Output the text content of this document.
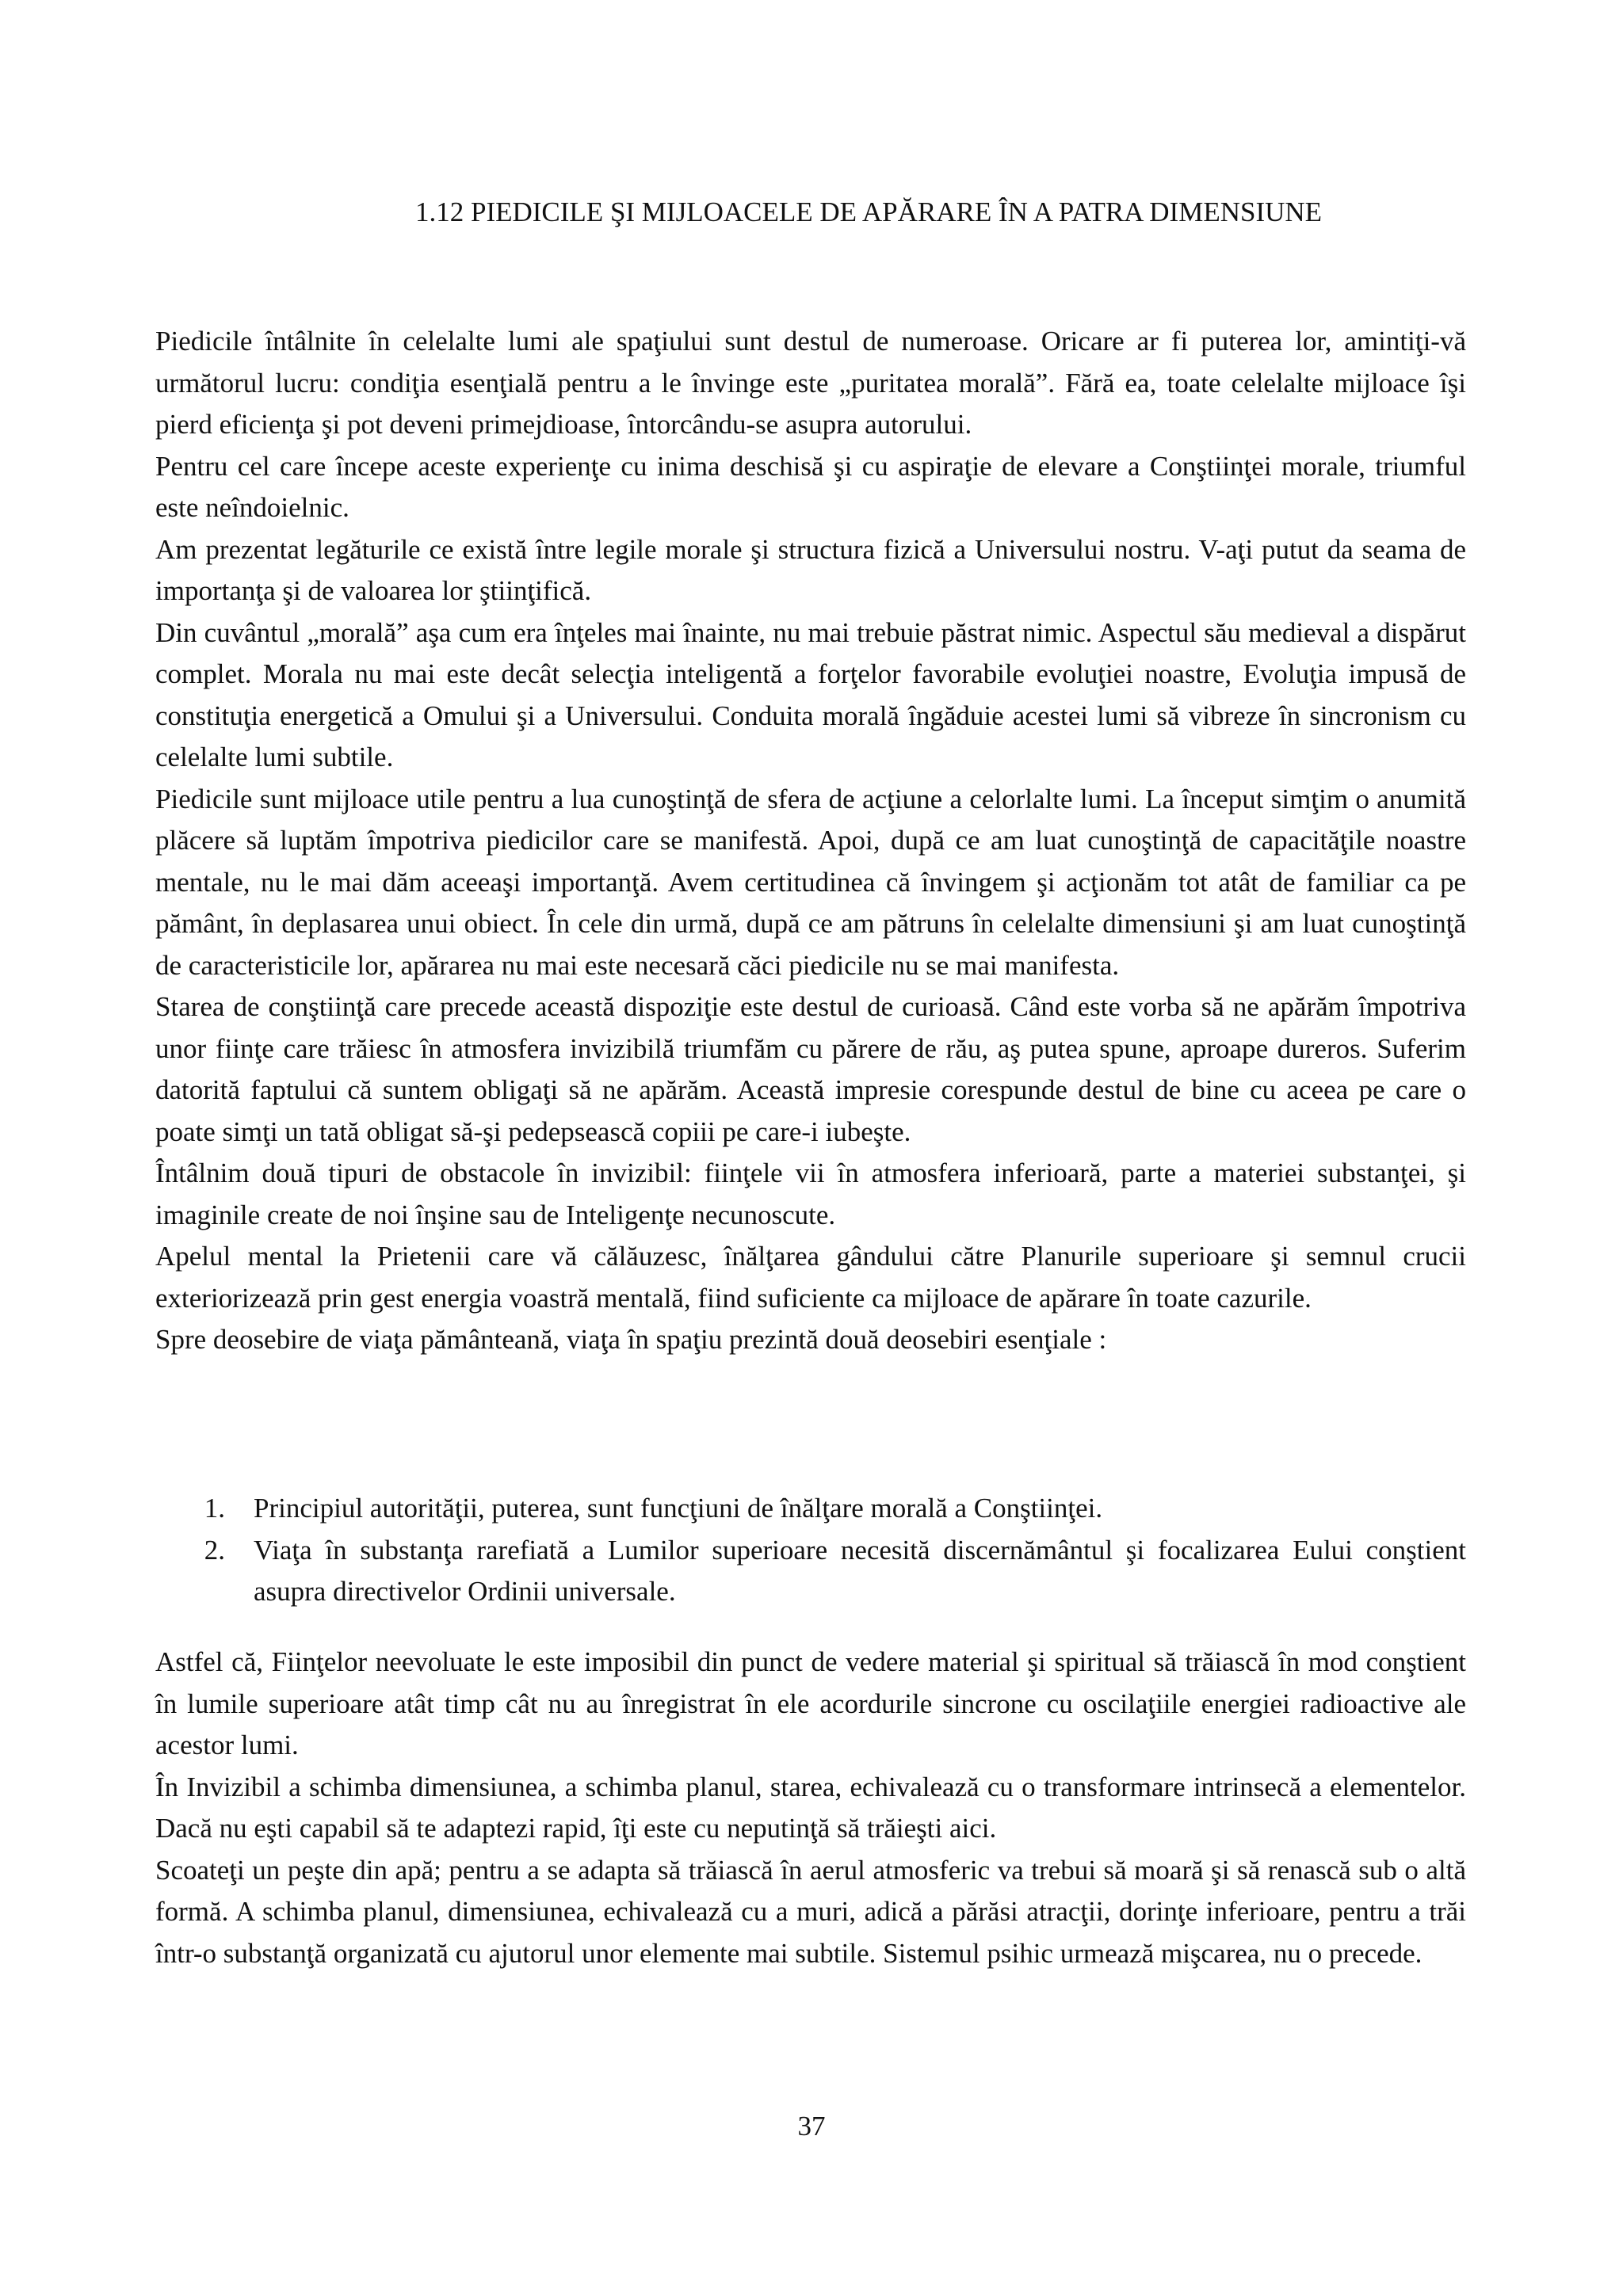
1.12 PIEDICILE ŞI MIJLOACELE DE APĂRARE ÎN A PATRA DIMENSIUNE

Piedicile întâlnite în celelalte lumi ale spaţiului sunt destul de numeroase. Oricare ar fi puterea lor, amintiţi-vă următorul lucru: condiţia esenţială pentru a le învinge este „puritatea morală”. Fără ea, toate celelalte mijloace îşi pierd eficienţa şi pot deveni primejdioase, întorcându-se asupra autorului.

Pentru cel care începe aceste experienţe cu inima deschisă şi cu aspiraţie de elevare a Conştiinţei morale, triumful este neîndoielnic.

Am prezentat legăturile ce există între legile morale şi structura fizică a Universului nostru. V-aţi putut da seama de importanţa şi de valoarea lor ştiinţifică.

Din cuvântul „morală” aşa cum era înţeles mai înainte, nu mai trebuie păstrat nimic. Aspectul său medieval a dispărut complet. Morala nu mai este decât selecţia inteligentă a forţelor favorabile evoluţiei noastre, Evoluţia impusă de constituţia energetică a Omului şi a Universului. Conduita morală îngăduie acestei lumi să vibreze în sincronism cu celelalte lumi subtile.

Piedicile sunt mijloace utile pentru a lua cunoştinţă de sfera de acţiune a celorlalte lumi. La început simţim o anumită plăcere să luptăm împotriva piedicilor care se manifestă. Apoi, după ce am luat cunoştinţă de capacităţile noastre mentale, nu le mai dăm aceeaşi importanţă. Avem certitudinea că învingem şi acţionăm tot atât de familiar ca pe pământ, în deplasarea unui obiect. În cele din urmă, după ce am pătruns în celelalte dimensiuni şi am luat cunoştinţă de caracteristicile lor, apărarea nu mai este necesară căci piedicile nu se mai manifesta.

Starea de conştiinţă care precede această dispoziţie este destul de curioasă. Când este vorba să ne apărăm împotriva unor fiinţe care trăiesc în atmosfera invizibilă triumfăm cu părere de rău, aş putea spune, aproape dureros. Suferim datorită faptului că suntem obligaţi să ne apărăm. Această impresie corespunde destul de bine cu aceea pe care o poate simţi un tată obligat să-şi pedepsească copiii pe care-i iubeşte.

Întâlnim două tipuri de obstacole în invizibil: fiinţele vii în atmosfera inferioară, parte a materiei substanţei, şi imaginile create de noi înşine sau de Inteligenţe necunoscute.

Apelul mental la Prietenii care vă călăuzesc, înălţarea gândului către Planurile superioare şi semnul crucii exteriorizează prin gest energia voastră mentală, fiind suficiente ca mijloace de apărare în toate cazurile.

Spre deosebire de viaţa pământeană, viaţa în spaţiu prezintă două deosebiri esenţiale :

1. Principiul autorităţii, puterea, sunt funcţiuni de înălţare morală a Conştiinţei.
2. Viaţa în substanţa rarefiată a Lumilor superioare necesită discernământul şi focalizarea Eului conştient asupra directivelor Ordinii universale.

Astfel că, Fiinţelor neevoluate le este imposibil din punct de vedere material şi spiritual să trăiască în mod conştient în lumile superioare atât timp cât nu au înregistrat în ele acordurile sincrone cu oscilaţiile energiei radioactive ale acestor lumi.

În Invizibil a schimba dimensiunea, a schimba planul, starea, echivalează cu o transformare intrinsecă a elementelor. Dacă nu eşti capabil să te adaptezi rapid, îţi este cu neputinţă să trăieşti aici.

Scoateţi un peşte din apă; pentru a se adapta să trăiască în aerul atmosferic va trebui să moară şi să renască sub o altă formă. A schimba planul, dimensiunea, echivalează cu a muri, adică a părăsi atracţii, dorinţe inferioare, pentru a trăi într-o substanţă organizată cu ajutorul unor elemente mai subtile. Sistemul psihic urmează mişcarea, nu o precede.

37
